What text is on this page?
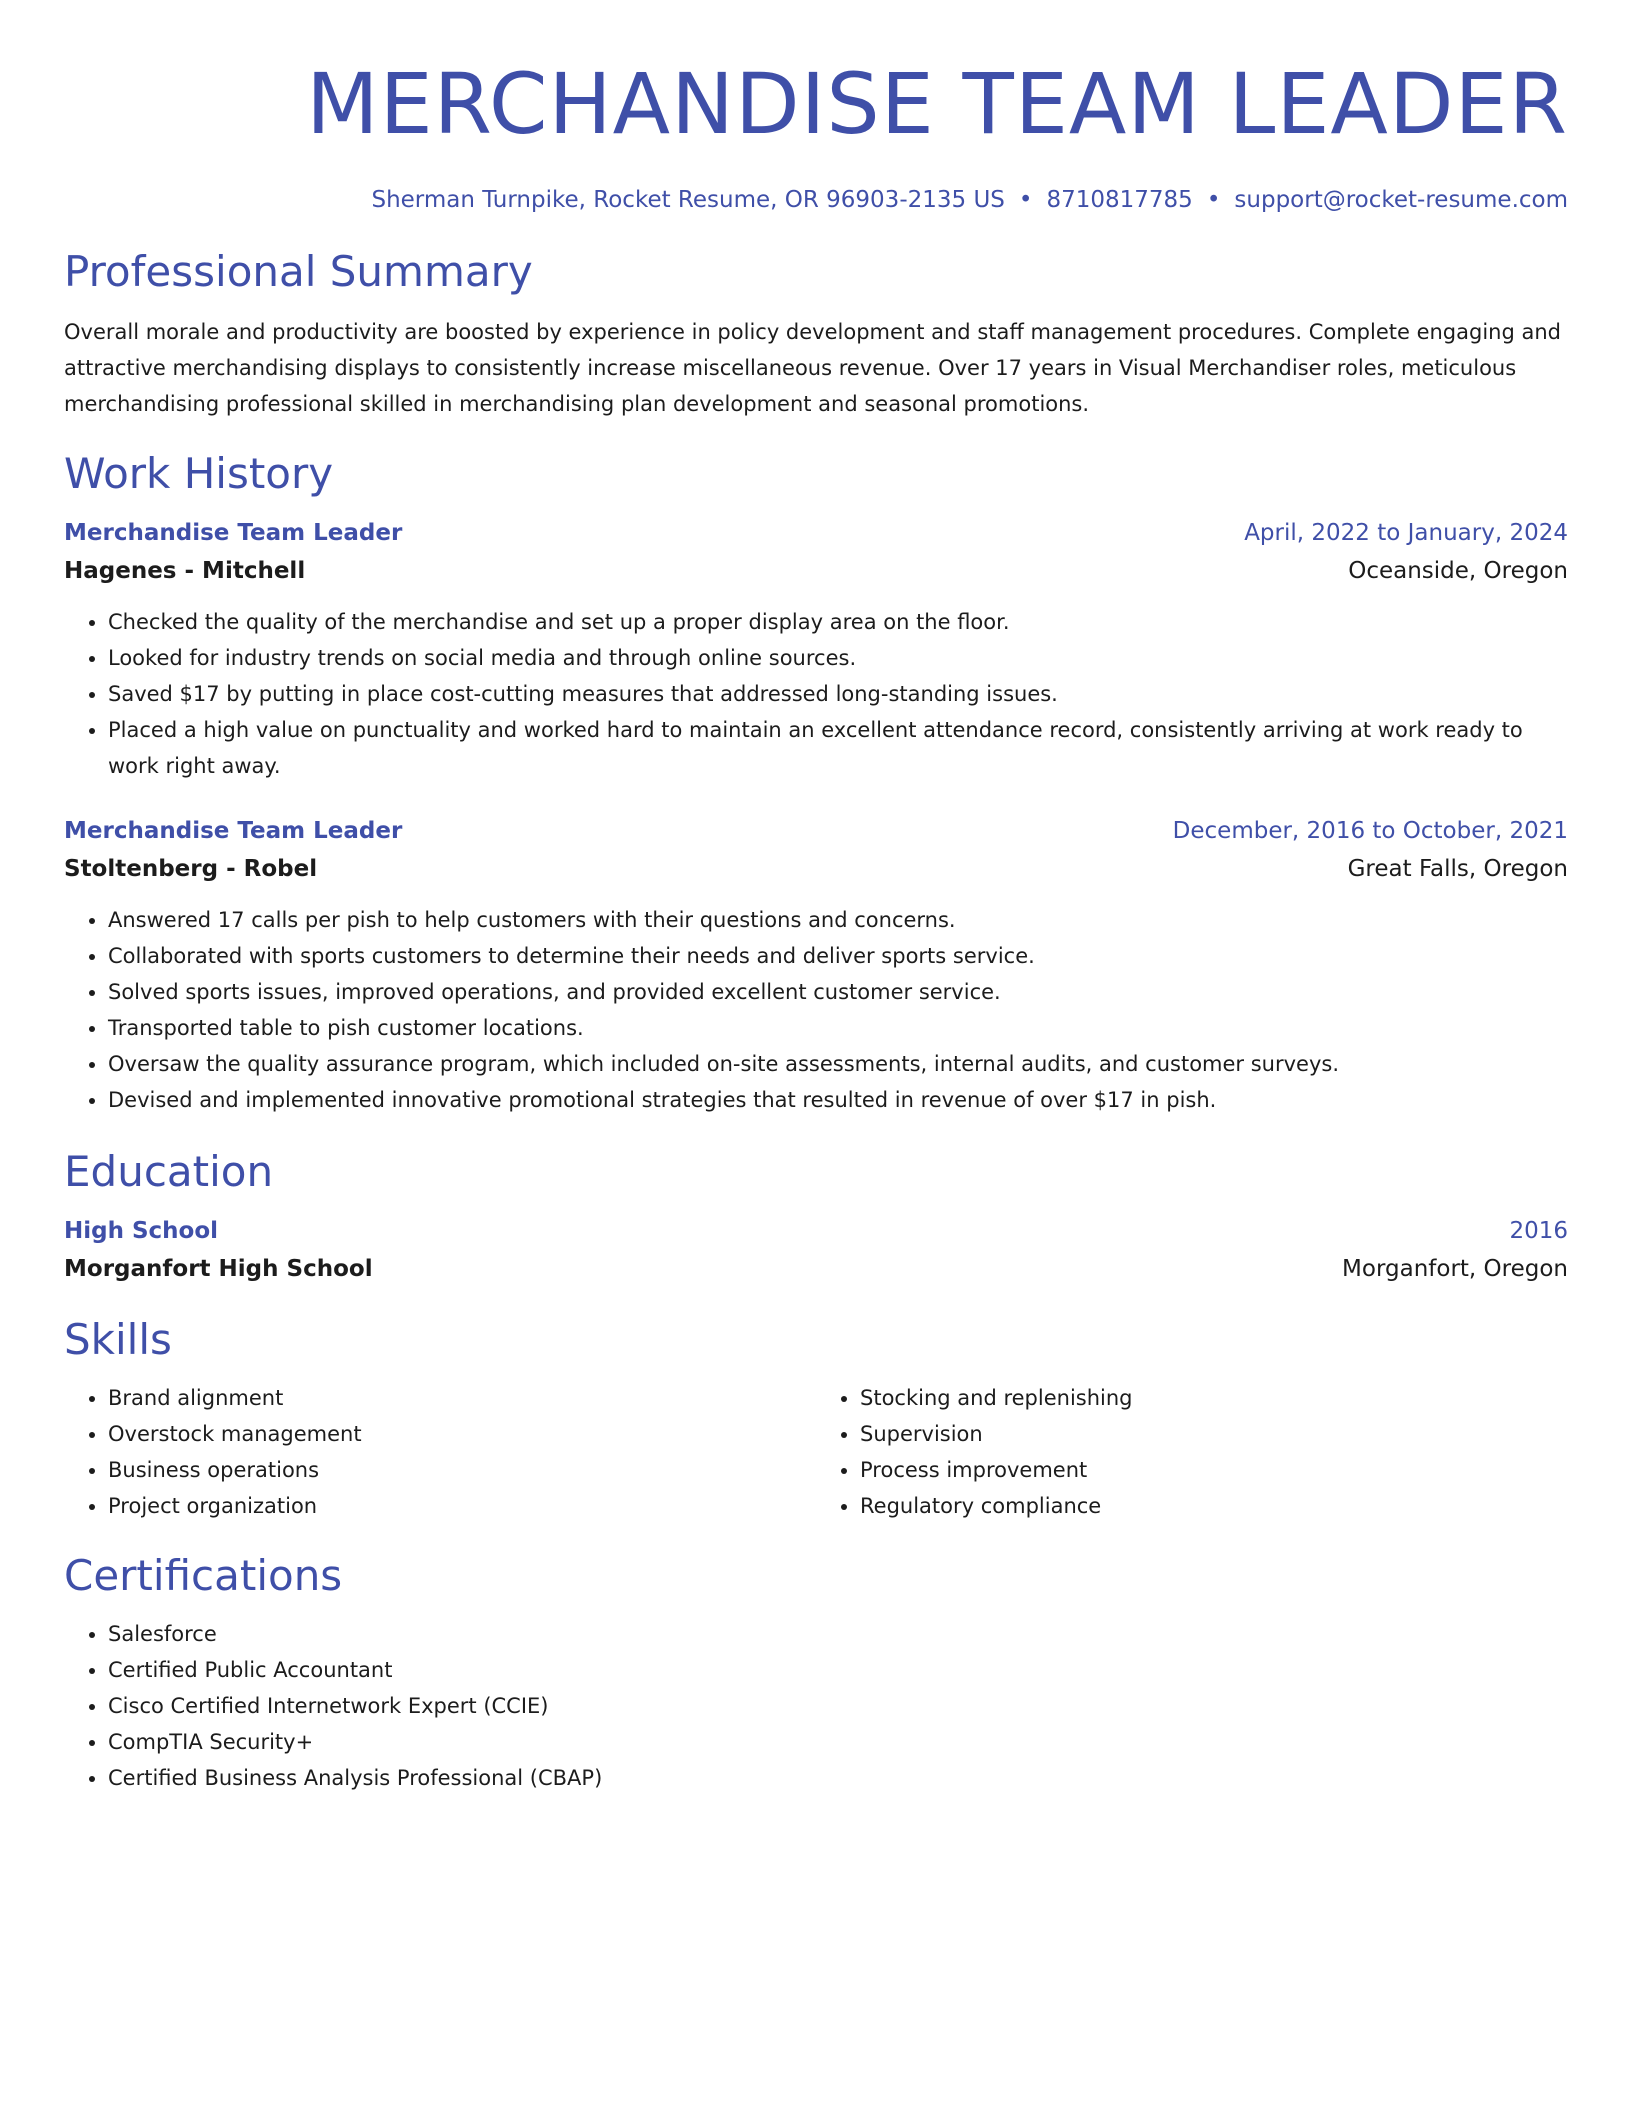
MERCHANDISE TEAM LEADER
Sherman Turnpike, Rocket Resume, OR 96903-2135 US • 8710817785 • support@rocket-resume.com
Professional Summary
Overall morale and productivity are boosted by experience in policy development and staff management procedures. Complete engaging and attractive merchandising displays to consistently increase miscellaneous revenue. Over 17 years in Visual Merchandiser roles, meticulous merchandising professional skilled in merchandising plan development and seasonal promotions.
Work History
Merchandise Team Leader	April, 2022 to January, 2024
Hagenes - Mitchell	Oceanside, Oregon
• Checked the quality of the merchandise and set up a proper display area on the floor.
• Looked for industry trends on social media and through online sources.
• Saved $17 by putting in place cost-cutting measures that addressed long-standing issues.
• Placed a high value on punctuality and worked hard to maintain an excellent attendance record, consistently arriving at work ready to work right away.
Merchandise Team Leader	December, 2016 to October, 2021
Stoltenberg - Robel	Great Falls, Oregon
• Answered 17 calls per pish to help customers with their questions and concerns.
• Collaborated with sports customers to determine their needs and deliver sports service.
• Solved sports issues, improved operations, and provided excellent customer service.
• Transported table to pish customer locations.
• Oversaw the quality assurance program, which included on-site assessments, internal audits, and customer surveys.
• Devised and implemented innovative promotional strategies that resulted in revenue of over $17 in pish.
Education
High School	2016
Morganfort High School	Morganfort, Oregon
Skills
• Brand alignment
• Overstock management
• Business operations
• Project organization
• Stocking and replenishing
• Supervision
• Process improvement
• Regulatory compliance
Certifications
• Salesforce
• Certified Public Accountant
• Cisco Certified Internetwork Expert (CCIE)
• CompTIA Security+
• Certified Business Analysis Professional (CBAP)
